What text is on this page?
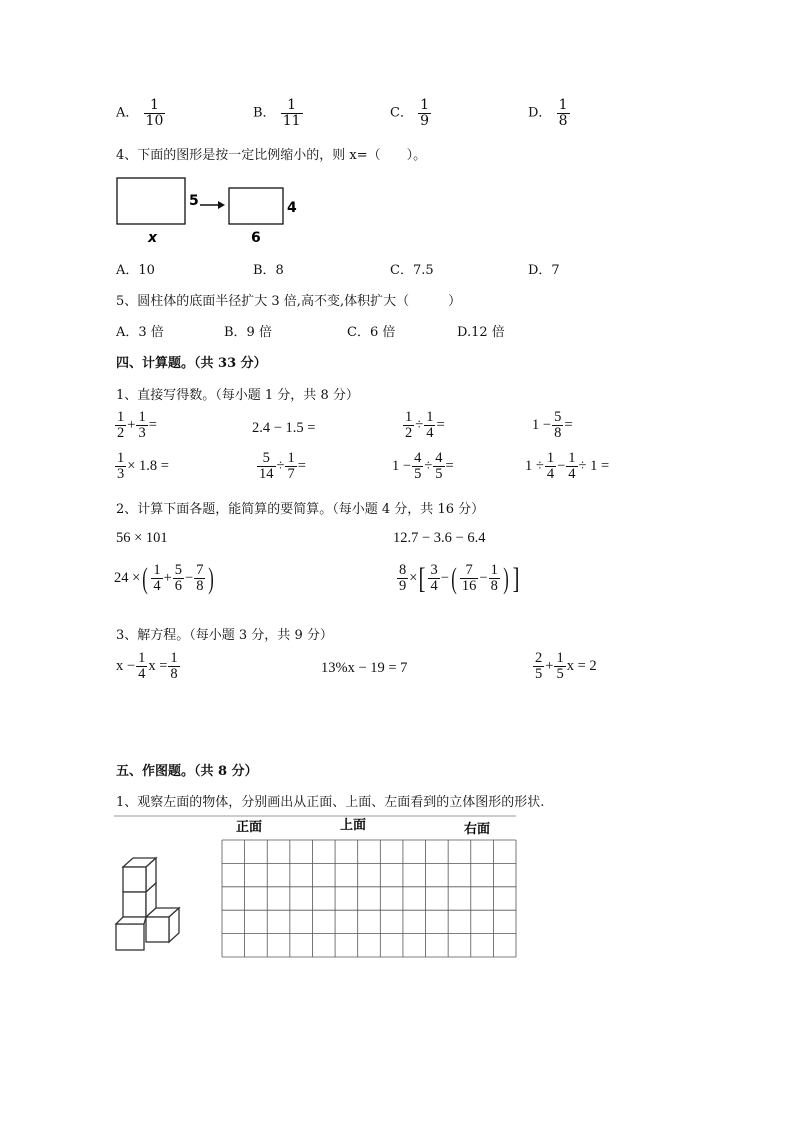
A． $\frac{1}{10}$	B． $\frac{1}{11}$	C． $\frac{1}{9}$	D． $\frac{1}{8}$
4、下面的图形是按一定比例缩小的，则 x=（　　）。
5	4
x	6
A．10	B．8	C．7.5	D．7
5、圆柱体的底面半径扩大 3 倍,高不变,体积扩大（　　　）
A．3 倍	B．9 倍	C．6 倍	D.12 倍
四、计算题。（共 33 分）
1、直接写得数。（每小题 1 分，共 8 分）
$\frac{1}{2} + \frac{1}{3}$ =	2.4 − 1.5 =	$\frac{1}{2} \div \frac{1}{4}$ =	$1 - \frac{5}{8}$ =
$\frac{1}{3} \times 1.8$ =	$\frac{5}{14} \div \frac{1}{7}$ =	$1 - \frac{4}{5} \div \frac{4}{5}$ =	$1 \div \frac{1}{4} - \frac{1}{4} \div 1$ =
2、计算下面各题，能简算的要简算。（每小题 4 分，共 16 分）
56 × 101	12.7 − 3.6 − 6.4
24 ×( $\frac{1}{4} + \frac{5}{6} - \frac{7}{8}$ )	$\frac{8}{9}$ ×[ $\frac{3}{4}$ −( $\frac{7}{16} - \frac{1}{8}$ ) ]
3、解方程。（每小题 3 分，共 9 分）
$x - \frac{1}{4}$ $x = \frac{1}{8}$	13%x − 19 = 7	$\frac{2}{5} + \frac{1}{5}$ x = 2
五、作图题。（共 8 分）
1、观察左面的物体，分别画出从正面、上面、左面看到的立体图形的形状.
正面	上面	右面
